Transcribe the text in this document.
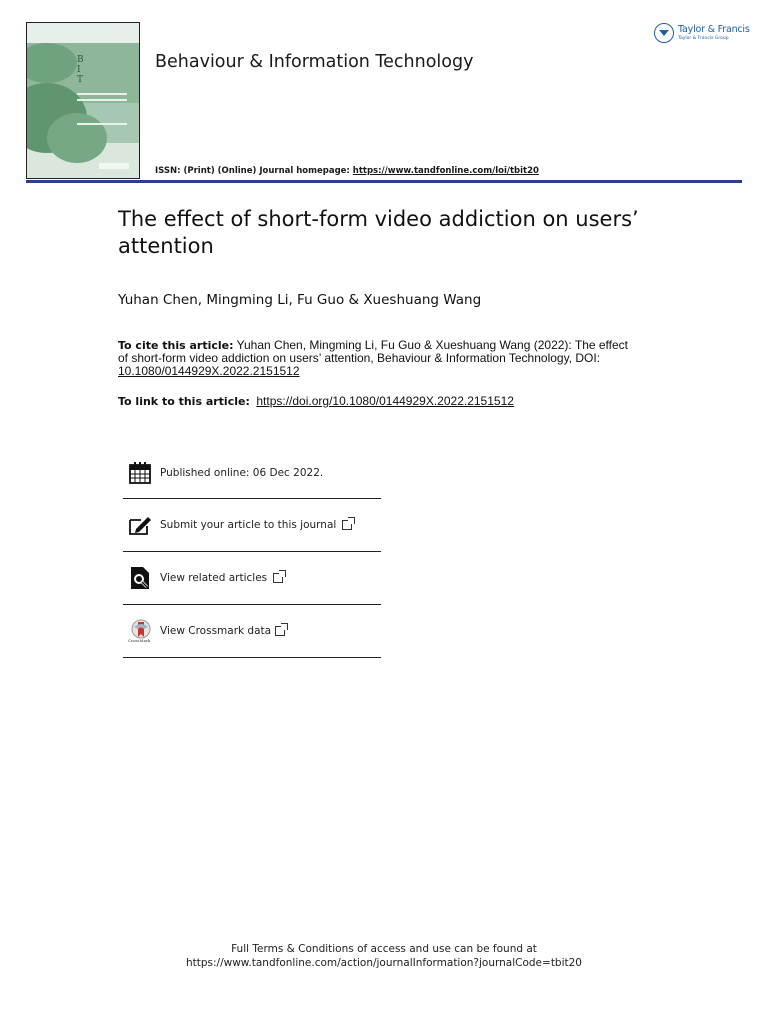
B
I
T
Behaviour & Information Technology
Taylor & Francis
Taylor & Francis Group
ISSN: (Print) (Online) Journal homepage: https://www.tandfonline.com/loi/tbit20
The effect of short-form video addiction on users’ attention
Yuhan Chen, Mingming Li, Fu Guo & Xueshuang Wang
To cite this article: Yuhan Chen, Mingming Li, Fu Guo & Xueshuang Wang (2022): The effect of short-form video addiction on users’ attention, Behaviour & Information Technology, DOI: 10.1080/0144929X.2022.2151512
To link to this article: https://doi.org/10.1080/0144929X.2022.2151512
Published online: 06 Dec 2022.
Submit your article to this journal
View related articles
CrossMark
View Crossmark data
Full Terms & Conditions of access and use can be found at
https://www.tandfonline.com/action/journalInformation?journalCode=tbit20
